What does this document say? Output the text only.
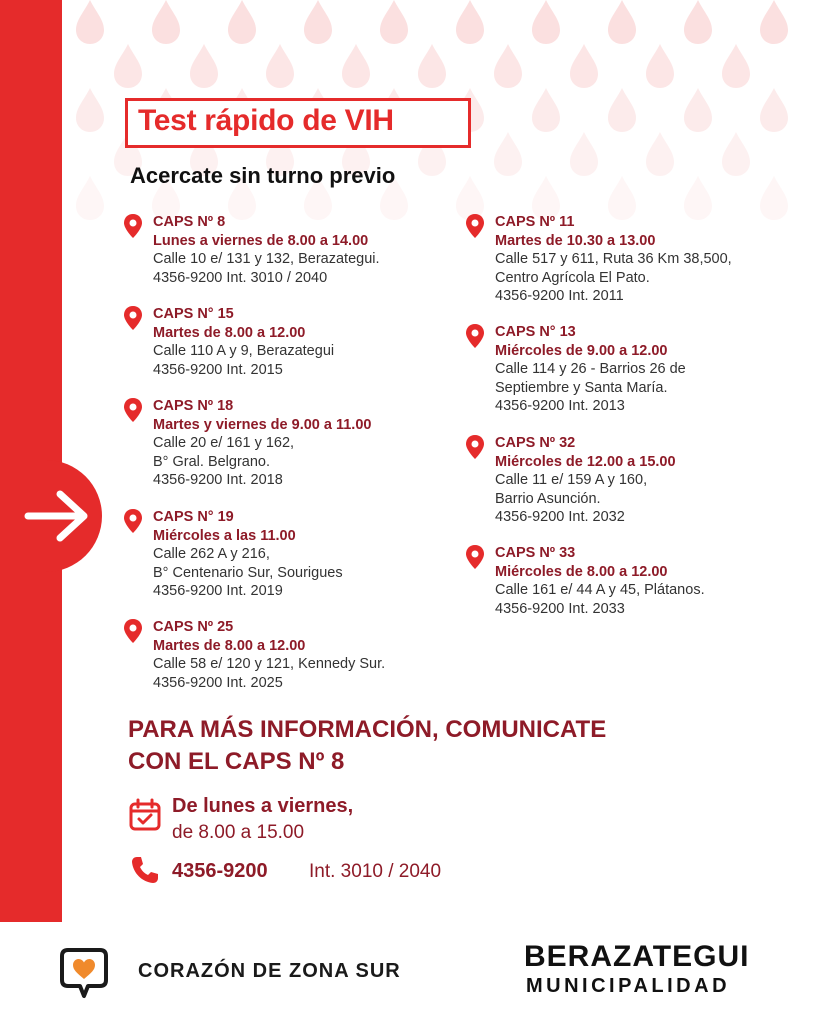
Test rápido de VIH
Acercate sin turno previo
CAPS Nº 8
Lunes a viernes de 8.00 a 14.00
Calle 10 e/ 131 y 132, Berazategui.
4356-9200 Int. 3010 / 2040
CAPS N° 15
Martes de 8.00 a 12.00
Calle 110 A y 9, Berazategui
4356-9200 Int. 2015
CAPS Nº 18
Martes y viernes de 9.00 a 11.00
Calle 20 e/ 161 y 162,
B° Gral. Belgrano.
4356-9200 Int. 2018
CAPS N° 19
Miércoles a las 11.00
Calle 262 A y 216,
B° Centenario Sur, Sourigues
4356-9200 Int. 2019
CAPS Nº 25
Martes de 8.00 a 12.00
Calle 58 e/ 120 y 121, Kennedy Sur.
4356-9200 Int. 2025
CAPS Nº 11
Martes de 10.30 a 13.00
Calle 517 y 611, Ruta 36 Km 38,500,
Centro Agrícola El Pato.
4356-9200 Int. 2011
CAPS N° 13
Miércoles de 9.00 a 12.00
Calle 114 y 26 - Barrios 26 de
Septiembre y Santa María.
4356-9200 Int. 2013
CAPS Nº 32
Miércoles de 12.00 a 15.00
Calle 11 e/ 159 A y 160,
Barrio Asunción.
4356-9200 Int. 2032
CAPS Nº 33
Miércoles de 8.00 a 12.00
Calle 161 e/ 44 A y 45, Plátanos.
4356-9200 Int. 2033
PARA MÁS INFORMACIÓN, COMUNICATE
CON EL CAPS Nº 8
De lunes a viernes,
de 8.00 a 15.00
4356-9200 Int. 3010 / 2040
CORAZÓN DE ZONA SUR	BERAZATEGUI
MUNICIPALIDAD
